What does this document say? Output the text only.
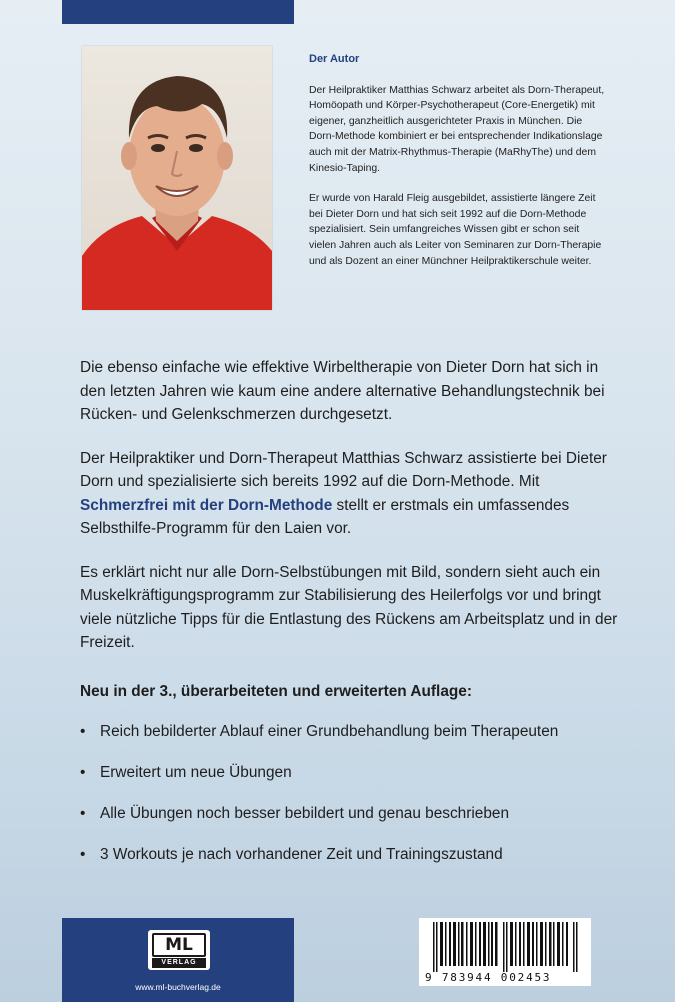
Der Autor

Der Heilpraktiker Matthias Schwarz arbeitet als Dorn-Therapeut, Homöopath und Körper-Psychotherapeut (Core-Energetik) mit eigener, ganzheitlich ausgerichteter Praxis in München. Die Dorn-Methode kombiniert er bei entsprechender Indikationslage auch mit der Matrix-Rhythmus-Therapie (MaRhyThe) und dem Kinesio-Taping.

Er wurde von Harald Fleig ausgebildet, assistierte längere Zeit bei Dieter Dorn und hat sich seit 1992 auf die Dorn-Methode spezialisiert. Sein umfangreiches Wissen gibt er schon seit vielen Jahren auch als Leiter von Seminaren zur Dorn-Therapie und als Dozent an einer Münchner Heilpraktikerschule weiter.

Die ebenso einfache wie effektive Wirbeltherapie von Dieter Dorn hat sich in den letzten Jahren wie kaum eine andere alternative Behandlungstechnik bei Rücken- und Gelenkschmerzen durchgesetzt.

Der Heilpraktiker und Dorn-Therapeut Matthias Schwarz assistierte bei Dieter Dorn und spezialisierte sich bereits 1992 auf die Dorn-Methode. Mit Schmerzfrei mit der Dorn-Methode stellt er erstmals ein umfassendes Selbsthilfe-Programm für den Laien vor.

Es erklärt nicht nur alle Dorn-Selbstübungen mit Bild, sondern sieht auch ein Muskelkräftigungsprogramm zur Stabilisierung des Heilerfolgs vor und bringt viele nützliche Tipps für die Entlastung des Rückens am Arbeitsplatz und in der Freizeit.

Neu in der 3., überarbeiteten und erweiterten Auflage:
• Reich bebilderter Ablauf einer Grundbehandlung beim Therapeuten
• Erweitert um neue Übungen
• Alle Übungen noch besser bebildert und genau beschrieben
• 3 Workouts je nach vorhandener Zeit und Trainingszustand
ML
VERLAG
www.ml-buchverlag.de
9 783944 002453
